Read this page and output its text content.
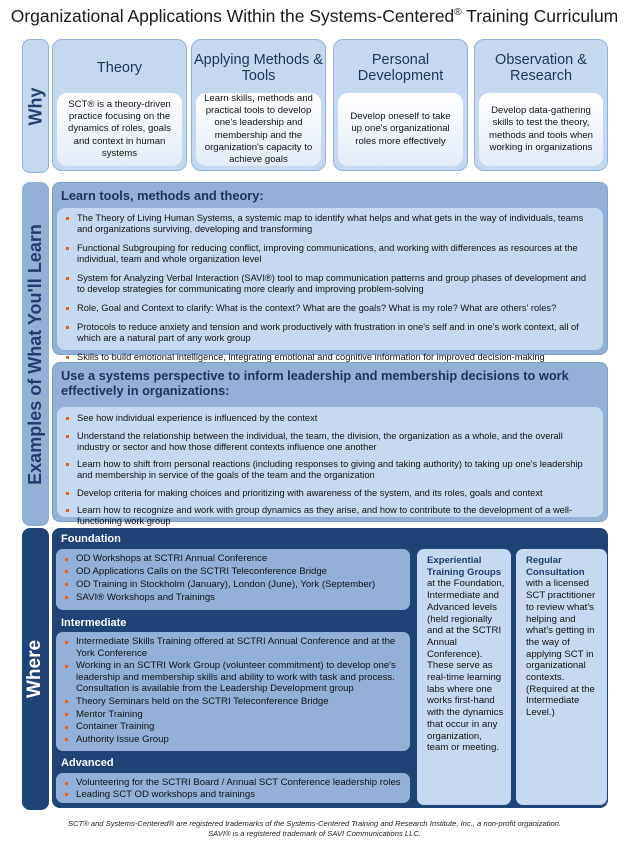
Organizational Applications Within the Systems-Centered® Training Curriculum
Why
Theory
SCT® is a theory-driven practice focusing on the dynamics of roles, goals and context in human systems
Applying Methods & Tools
Learn skills, methods and practical tools to develop one's leadership and membership and the organization's capacity to achieve goals
Personal Development
Develop oneself to take up one's organizational roles more effectively
Observation & Research
Develop data-gathering skills to test the theory, methods and tools when working in organizations
Examples of What You'll Learn
Learn tools, methods and theory:
The Theory of Living Human Systems, a systemic map to identify what helps and what gets in the way of individuals, teams and organizations surviving, developing and transforming
Functional Subgrouping for reducing conflict, improving communications, and working with differences as resources at the individual, team and whole organization level
System for Analyzing Verbal Interaction (SAVI®) tool to map communication patterns and group phases of development and to develop strategies for communicating more clearly and improving problem-solving
Role, Goal and Context to clarify: What is the context? What are the goals? What is my role? What are others' roles?
Protocols to reduce anxiety and tension and work productively with frustration in one's self and in one's work context, all of which are a natural part of any work group
Skills to build emotional intelligence, integrating emotional and cognitive information for improved decision-making
Use a systems perspective to inform leadership and membership decisions to work effectively in organizations:
See how individual experience is influenced by the context
Understand the relationship between the individual, the team, the division, the organization as a whole, and the overall industry or sector and how those different contexts influence one another
Learn how to shift from personal reactions (including responses to giving and taking authority) to taking up one's leadership and membership in service of the goals of the team and the organization
Develop criteria for making choices and prioritizing with awareness of the system, and its roles, goals and context
Learn how to recognize and work with group dynamics as they arise, and how to contribute to the development of a well-functioning work group
Where
Foundation
OD Workshops at SCTRI Annual Conference
OD Applications Calls on the SCTRI Teleconference Bridge
OD Training in Stockholm (January), London (June), York (September)
SAVI® Workshops and Trainings
Intermediate
Intermediate Skills Training offered at SCTRI Annual Conference and at the York Conference
Working in an SCTRI Work Group (volunteer commitment) to develop one's leadership and membership skills and ability to work with task and process. Consultation is available from the Leadership Development group
Theory Seminars held on the SCTRI Teleconference Bridge
Mentor Training
Container Training
Authority Issue Group
Advanced
Volunteering for the SCTRI Board / Annual SCT Conference leadership roles
Leading SCT OD workshops and trainings
Experiential Training Groups
at the Foundation, Intermediate and Advanced levels (held regionally and at the SCTRI Annual Conference). These serve as real-time learning labs where one works first-hand with the dynamics that occur in any organization, team or meeting.
Regular Consultation
with a licensed SCT practitioner to review what's helping and what's getting in the way of applying SCT in organizational contexts. (Required at the Intermediate Level.)
SCT® and Systems-Centered® are registered trademarks of the Systems-Centered Training and Research Institute, Inc., a non-profit organization.
SAVI® is a registered trademark of SAVI Communications LLC.
